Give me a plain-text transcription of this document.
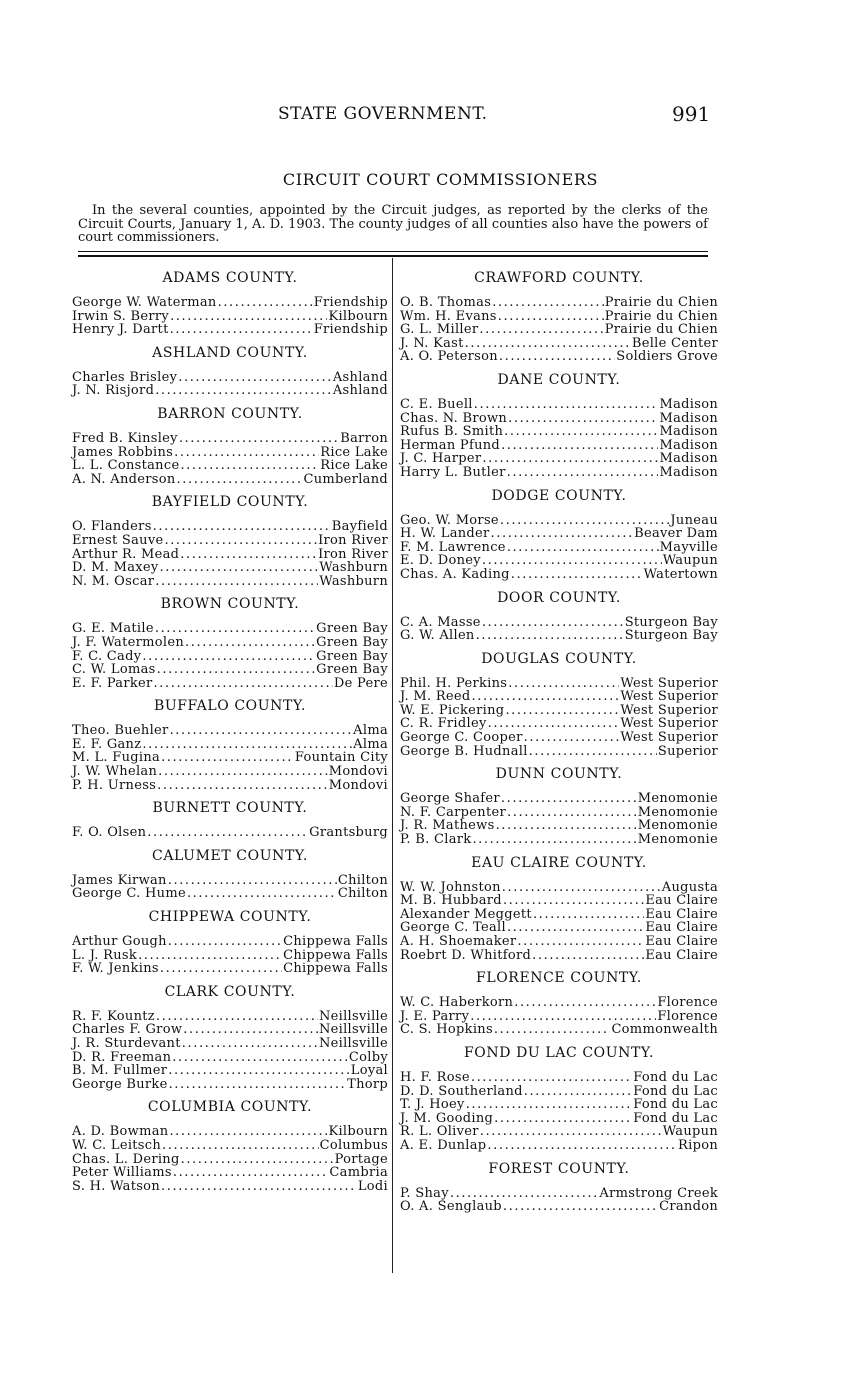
STATE GOVERNMENT.	991
CIRCUIT COURT COMMISSIONERS
In the several counties, appointed by the Circuit judges, as reported by the clerks of the Circuit Courts, January 1, A. D. 1903. The county judges of all counties also have the powers of court commissioners.
ADAMS COUNTY.
George W. Waterman .....	Friendship
Irwin S. Berry .....	Kilbourn
Henry J. Dartt .....	Friendship
ASHLAND COUNTY.
Charles Brisley .....	Ashland
J. N. Risjord .....	Ashland
BARRON COUNTY.
Fred B. Kinsley .....	Barron
James Robbins .....	Rice Lake
L. L. Constance .....	Rice Lake
A. N. Anderson .....	Cumberland
BAYFIELD COUNTY.
O. Flanders .....	Bayfield
Ernest Sauve .....	Iron River
Arthur R. Mead .....	Iron River
D. M. Maxey .....	Washburn
N. M. Oscar .....	Washburn
BROWN COUNTY.
G. E. Matile .....	Green Bay
J. F. Watermolen .....	Green Bay
F. C. Cady .....	Green Bay
C. W. Lomas .....	Green Bay
E. F. Parker .....	De Pere
BUFFALO COUNTY.
Theo. Buehler .....	Alma
E. F. Ganz .....	Alma
M. L. Fugina .....	Fountain City
J. W. Whelan .....	Mondovi
P. H. Urness .....	Mondovi
BURNETT COUNTY.
F. O. Olsen .....	Grantsburg
CALUMET COUNTY.
James Kirwan .....	Chilton
George C. Hume .....	Chilton
CHIPPEWA COUNTY.
Arthur Gough .....	Chippewa Falls
L. J. Rusk .....	Chippewa Falls
F. W. Jenkins .....	Chippewa Falls
CLARK COUNTY.
R. F. Kountz .....	Neillsville
Charles F. Grow .....	Neillsville
J. R. Sturdevant .....	Neillsville
D. R. Freeman .....	Colby
B. M. Fullmer .....	Loyal
George Burke .....	Thorp
COLUMBIA COUNTY.
A. D. Bowman .....	Kilbourn
W. C. Leitsch .....	Columbus
Chas. L. Dering .....	Portage
Peter Williams .....	Cambria
S. H. Watson .....	Lodi
CRAWFORD COUNTY.
O. B. Thomas .....	Prairie du Chien
Wm. H. Evans .....	Prairie du Chien
G. L. Miller .....	Prairie du Chien
J. N. Kast .....	Belle Center
A. O. Peterson .....	Soldiers Grove
DANE COUNTY.
C. E. Buell .....	Madison
Chas. N. Brown .....	Madison
Rufus B. Smith .....	Madison
Herman Pfund .....	Madison
J. C. Harper .....	Madison
Harry L. Butler .....	Madison
DODGE COUNTY.
Geo. W. Morse .....	Juneau
H. W. Lander .....	Beaver Dam
F. M. Lawrence .....	Mayville
E. D. Doney .....	Waupun
Chas. A. Kading .....	Watertown
DOOR COUNTY.
C. A. Masse .....	Sturgeon Bay
G. W. Allen .....	Sturgeon Bay
DOUGLAS COUNTY.
Phil. H. Perkins .....	West Superior
J. M. Reed .....	West Superior
W. E. Pickering .....	West Superior
C. R. Fridley .....	West Superior
George C. Cooper .....	West Superior
George B. Hudnall .....	Superior
DUNN COUNTY.
George Shafer .....	Menomonie
N. F. Carpenter .....	Menomonie
J. R. Mathews .....	Menomonie
P. B. Clark .....	Menomonie
EAU CLAIRE COUNTY.
W. W. Johnston .....	Augusta
M. B. Hubbard .....	Eau Claire
Alexander Meggett .....	Eau Claire
George C. Teall .....	Eau Claire
A. H. Shoemaker .....	Eau Claire
Roebrt D. Whitford .....	Eau Claire
FLORENCE COUNTY.
W. C. Haberkorn .....	Florence
J. E. Parry .....	Florence
C. S. Hopkins .....	Commonwealth
FOND DU LAC COUNTY.
H. F. Rose .....	Fond du Lac
D. D. Southerland .....	Fond du Lac
T. J. Hoey .....	Fond du Lac
J. M. Gooding .....	Fond du Lac
R. L. Oliver .....	Waupun
A. E. Dunlap .....	Ripon
FOREST COUNTY.
P. Shay .....	Armstrong Creek
O. A. Senglaub .....	Crandon
